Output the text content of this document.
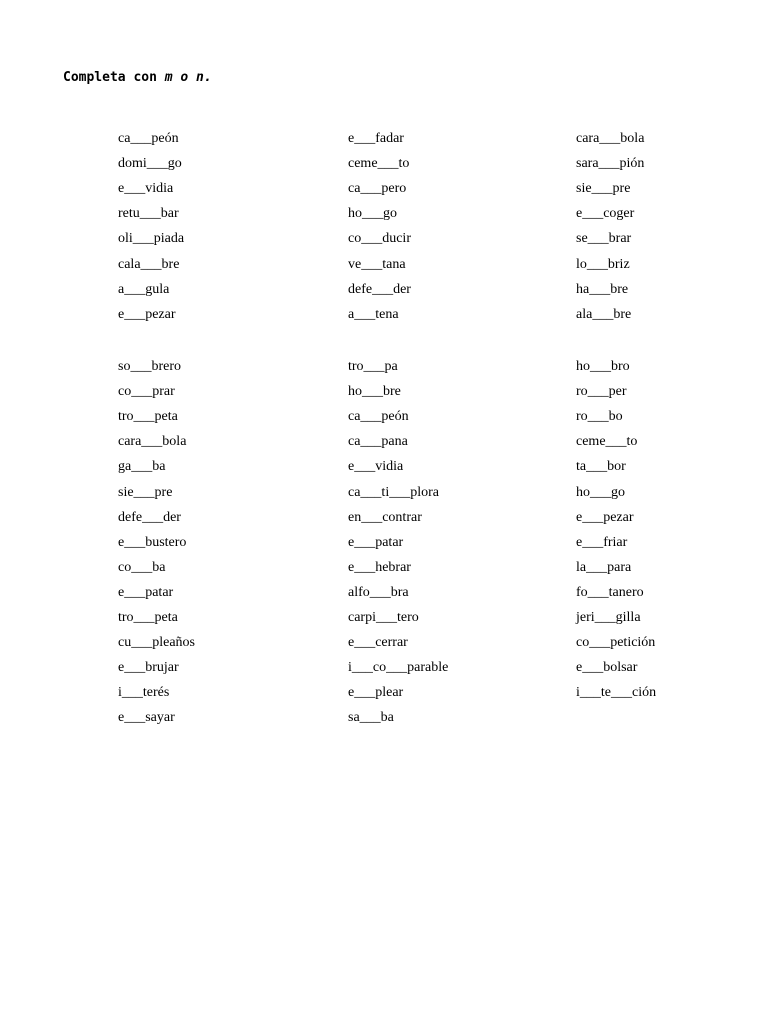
Completa con m o n.
ca___peón
domi___go
e___vidia
retu___bar
oli___piada
cala___bre
a___gula
e___pezar
e___fadar
ceme___to
ca___pero
ho___go
co___ducir
ve___tana
defe___der
a___tena
cara___bola
sara___pión
sie___pre
e___coger
se___brar
lo___briz
ha___bre
ala___bre
so___brero
co___prar
tro___peta
cara___bola
ga___ba
sie___pre
defe___der
e___bustero
co___ba
e___patar
tro___peta
cu___pleaños
e___brujar
i___terés
e___sayar
tro___pa
ho___bre
ca___peón
ca___pana
e___vidia
ca___ti___plora
en___contrar
e___patar
e___hebrar
alfo___bra
carpi___tero
e___cerrar
i___co___parable
e___plear
sa___ba
ho___bro
ro___per
ro___bo
ceme___to
ta___bor
ho___go
e___pezar
e___friar
la___para
fo___tanero
jeri___gilla
co___petición
e___bolsar
i___te___ción
